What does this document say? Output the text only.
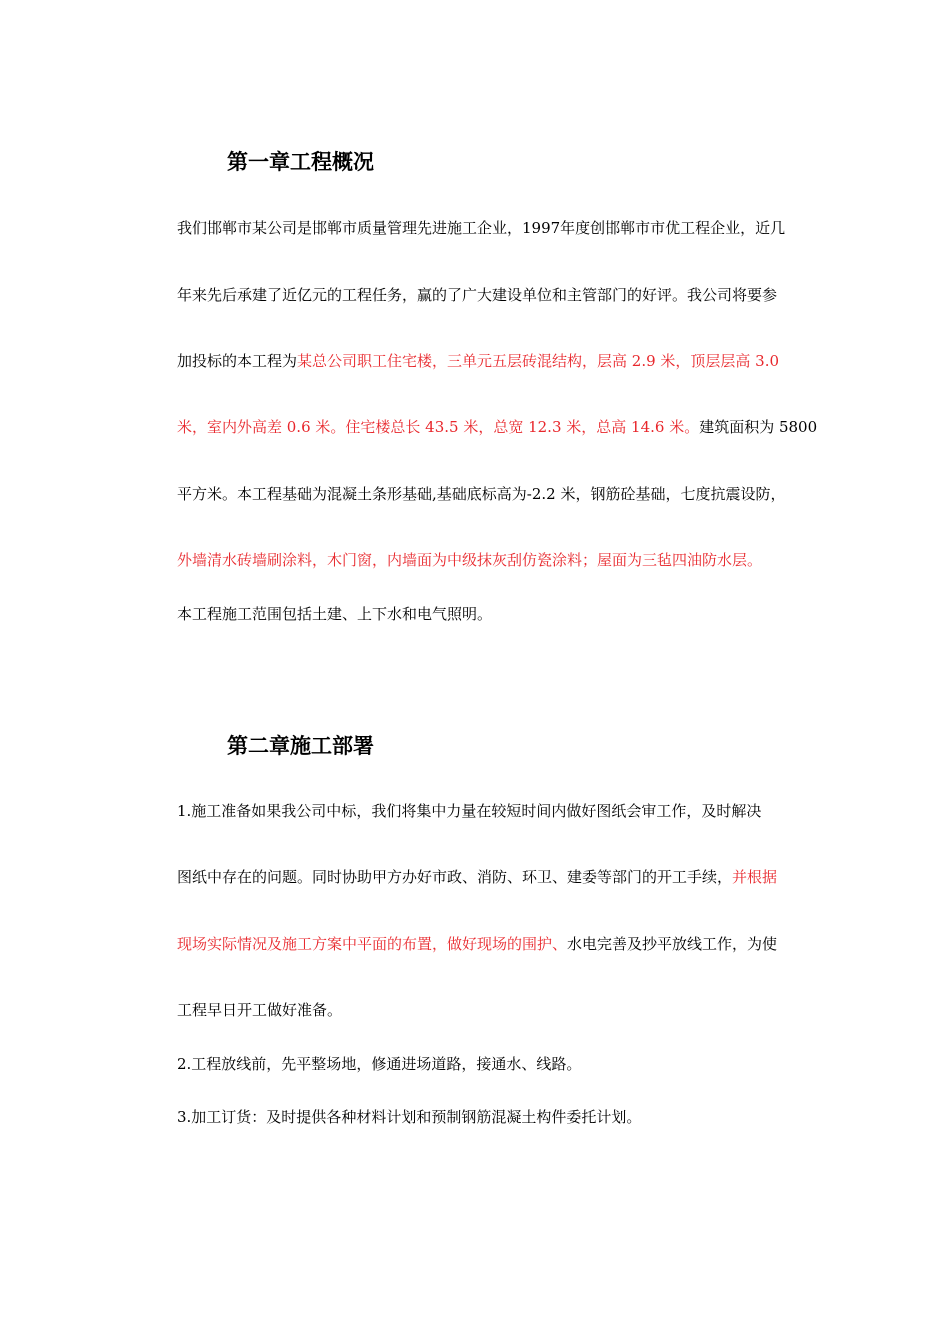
第一章工程概况
我们邯郸市某公司是邯郸市质量管理先进施工企业，1997年度创邯郸市市优工程企业，近几
年来先后承建了近亿元的工程任务，赢的了广大建设单位和主管部门的好评。我公司将要参
加投标的本工程为某总公司职工住宅楼，三单元五层砖混结构，层高 2.9 米，顶层层高 3.0
米，室内外高差 0.6 米。住宅楼总长 43.5 米，总宽 12.3 米，总高 14.6 米。建筑面积为 5800
平方米。本工程基础为混凝土条形基础,基础底标高为-2.2 米，钢筋砼基础，七度抗震设防，
外墙清水砖墙刷涂料，木门窗，内墙面为中级抹灰刮仿瓷涂料；屋面为三毡四油防水层。
本工程施工范围包括土建、上下水和电气照明。
第二章施工部署
1.施工准备如果我公司中标，我们将集中力量在较短时间内做好图纸会审工作，及时解决
图纸中存在的问题。同时协助甲方办好市政、消防、环卫、建委等部门的开工手续，并根据
现场实际情况及施工方案中平面的布置，做好现场的围护、水电完善及抄平放线工作，为使
工程早日开工做好准备。
2.工程放线前，先平整场地，修通进场道路，接通水、线路。
3.加工订货：及时提供各种材料计划和预制钢筋混凝土构件委托计划。
